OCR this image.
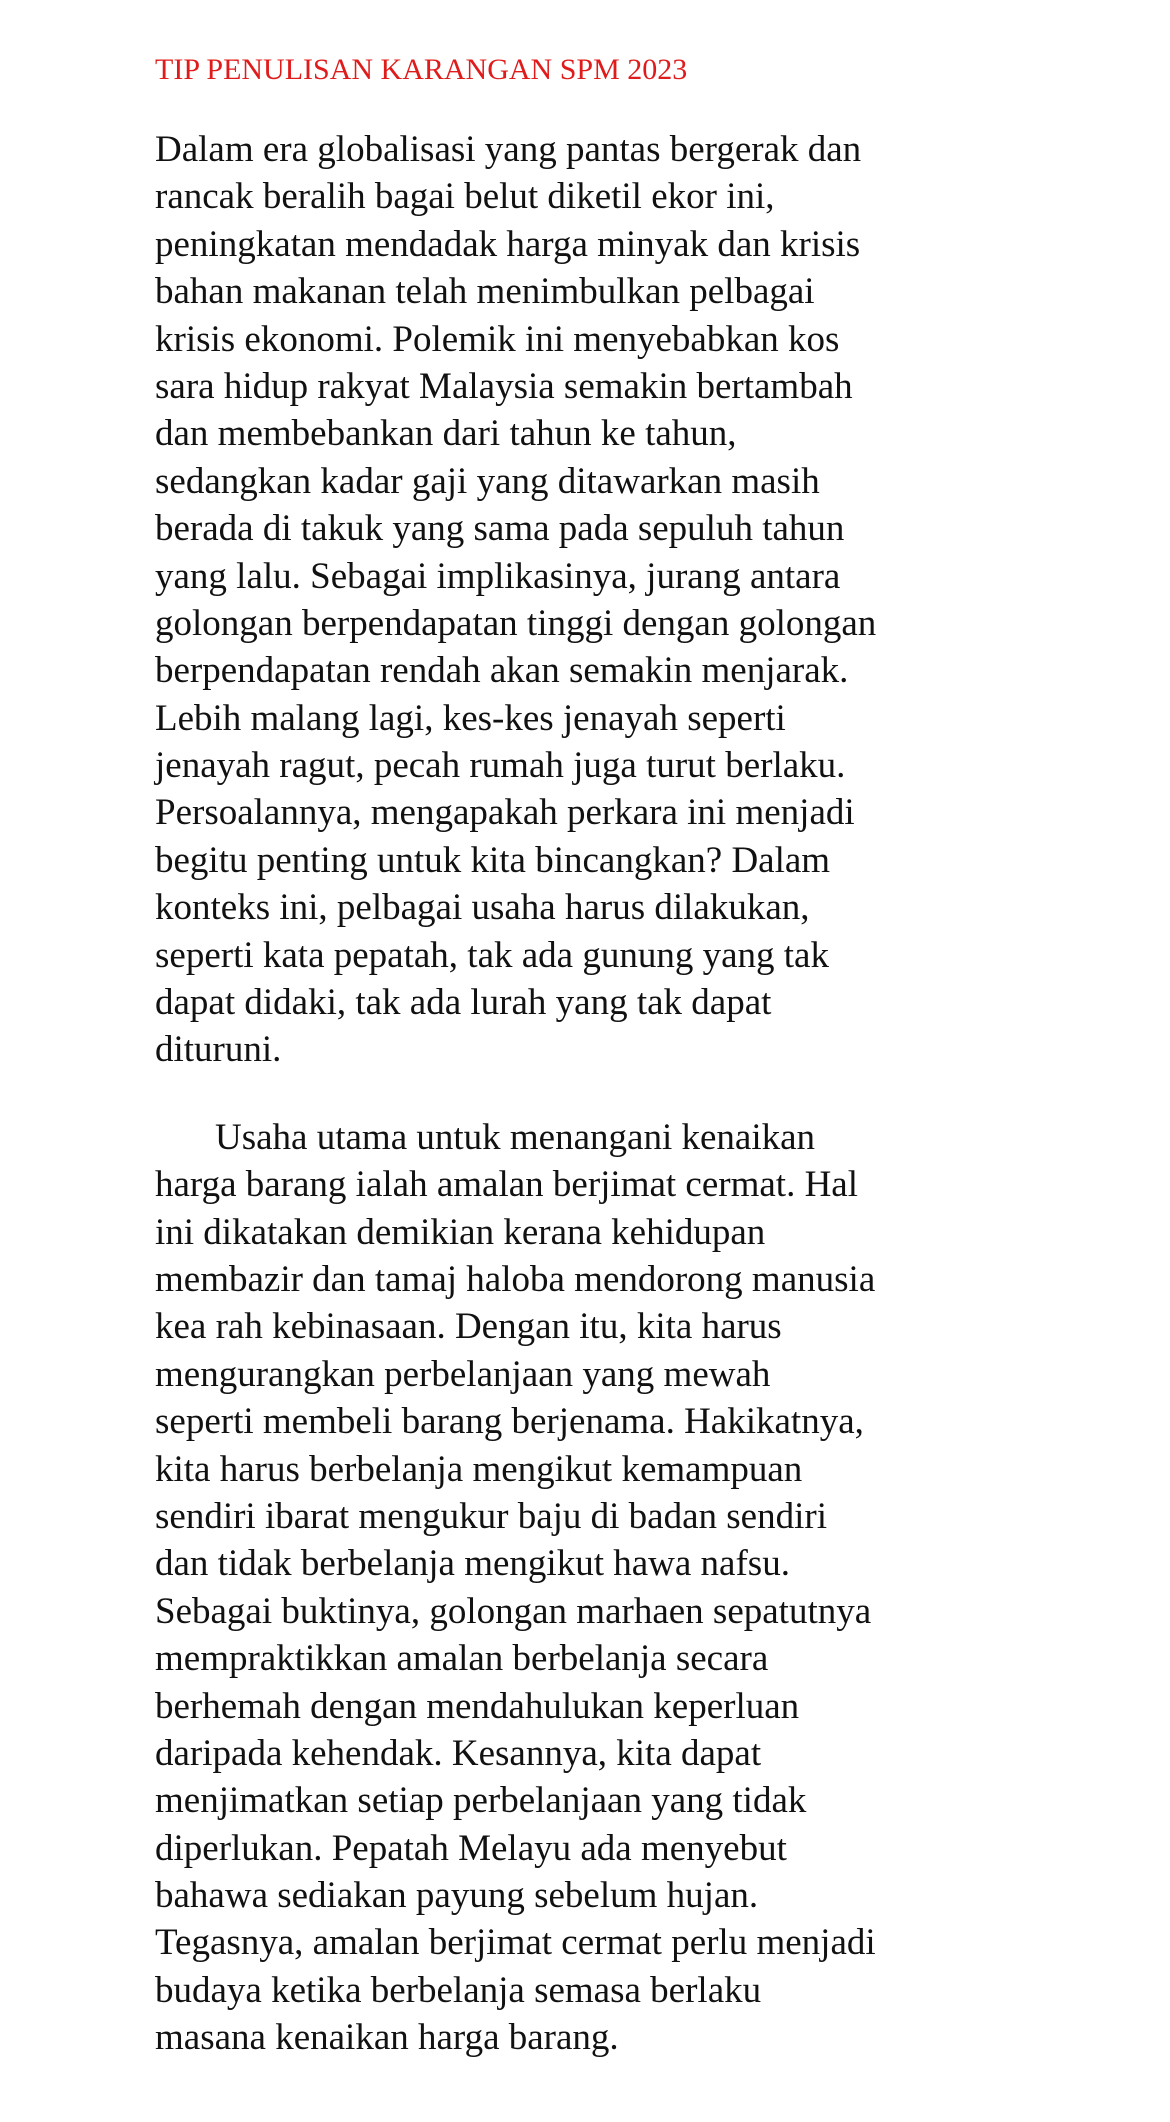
TIP PENULISAN KARANGAN SPM 2023

Dalam era globalisasi yang pantas bergerak dan
rancak beralih bagai belut diketil ekor ini,
peningkatan mendadak harga minyak dan krisis
bahan makanan telah menimbulkan pelbagai
krisis ekonomi. Polemik ini menyebabkan kos
sara hidup rakyat Malaysia semakin bertambah
dan membebankan dari tahun ke tahun,
sedangkan kadar gaji yang ditawarkan masih
berada di takuk yang sama pada sepuluh tahun
yang lalu. Sebagai implikasinya, jurang antara
golongan berpendapatan tinggi dengan golongan
berpendapatan rendah akan semakin menjarak.
Lebih malang lagi, kes-kes jenayah seperti
jenayah ragut, pecah rumah juga turut berlaku.
Persoalannya, mengapakah perkara ini menjadi
begitu penting untuk kita bincangkan? Dalam
konteks ini, pelbagai usaha harus dilakukan,
seperti kata pepatah, tak ada gunung yang tak
dapat didaki, tak ada lurah yang tak dapat
dituruni.

Usaha utama untuk menangani kenaikan
harga barang ialah amalan berjimat cermat. Hal
ini dikatakan demikian kerana kehidupan
membazir dan tamaj haloba mendorong manusia
kea rah kebinasaan. Dengan itu, kita harus
mengurangkan perbelanjaan yang mewah
seperti membeli barang berjenama. Hakikatnya,
kita harus berbelanja mengikut kemampuan
sendiri ibarat mengukur baju di badan sendiri
dan tidak berbelanja mengikut hawa nafsu.
Sebagai buktinya, golongan marhaen sepatutnya
mempraktikkan amalan berbelanja secara
berhemah dengan mendahulukan keperluan
daripada kehendak. Kesannya, kita dapat
menjimatkan setiap perbelanjaan yang tidak
diperlukan. Pepatah Melayu ada menyebut
bahawa sediakan payung sebelum hujan.
Tegasnya, amalan berjimat cermat perlu menjadi
budaya ketika berbelanja semasa berlaku
masana kenaikan harga barang.
